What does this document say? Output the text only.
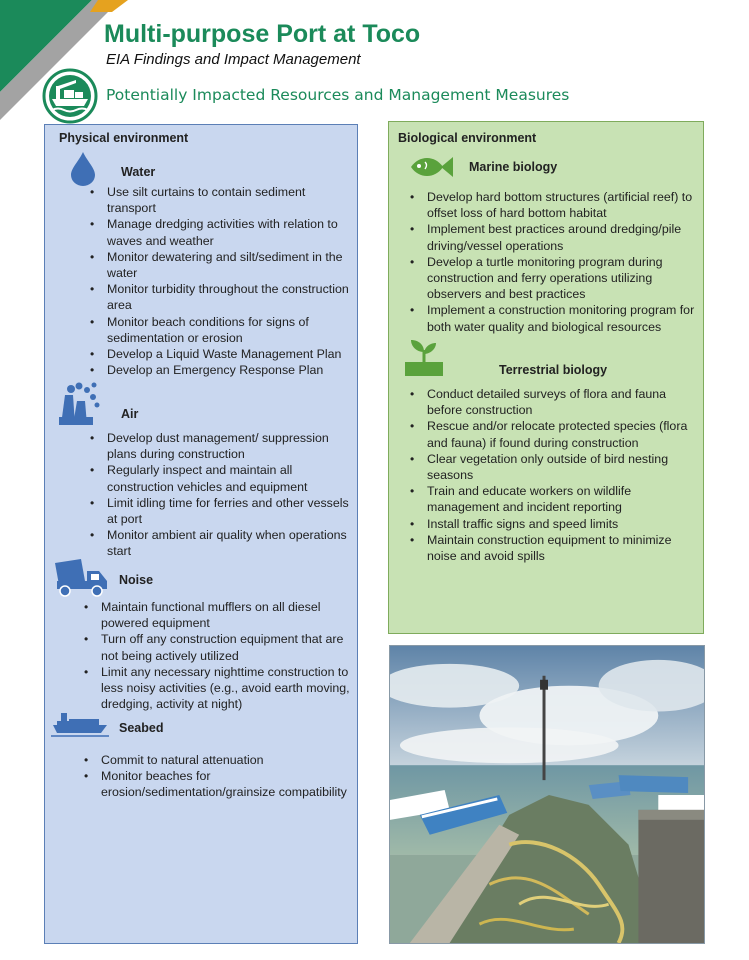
Multi-purpose Port at Toco
EIA Findings and Impact Management
Potentially Impacted Resources and Management Measures
Physical environment
Water
• Use silt curtains to contain sediment transport
• Manage dredging activities with relation to waves and weather
• Monitor dewatering and silt/sediment in the water
• Monitor turbidity throughout the construction area
• Monitor beach conditions for signs of sedimentation or erosion
• Develop a Liquid Waste Management Plan
• Develop an Emergency Response Plan
Air
• Develop dust management/ suppression plans during construction
• Regularly inspect and maintain all construction vehicles and equipment
• Limit idling time for ferries and other vessels at port
• Monitor ambient air quality when operations start
Noise
• Maintain functional mufflers on all diesel powered equipment
• Turn off any construction equipment that are not being actively utilized
• Limit any necessary nighttime construction to less noisy activities (e.g., avoid earth moving, dredging, activity at night)
Seabed
• Commit to natural attenuation
• Monitor beaches for erosion/sedimentation/grainsize compatibility
Biological environment
Marine biology
• Develop hard bottom structures (artificial reef) to offset loss of hard bottom habitat
• Implement best practices around dredging/pile driving/vessel operations
• Develop a turtle monitoring program during construction and ferry operations utilizing observers and best practices
• Implement a construction monitoring program for both water quality and biological resources
Terrestrial biology
• Conduct detailed surveys of flora and fauna before construction
• Rescue and/or relocate protected species (flora and fauna) if found during construction
• Clear vegetation only outside of bird nesting seasons
• Train and educate workers on wildlife management and incident reporting
• Install traffic signs and speed limits
• Maintain construction equipment to minimize noise and avoid spills
